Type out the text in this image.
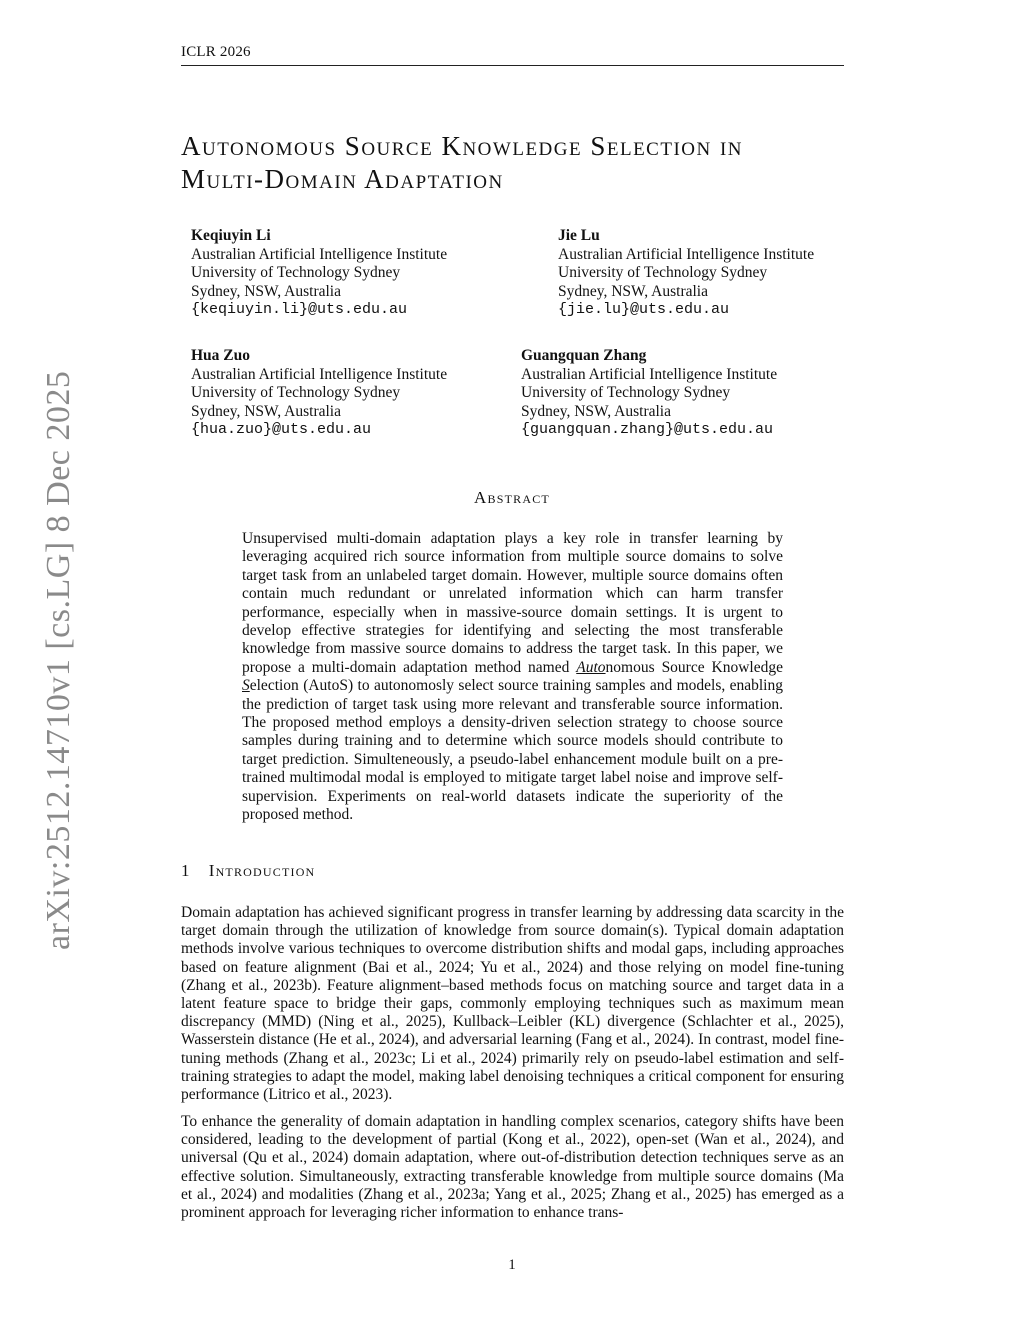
ICLR 2026
arXiv:2512.14710v1 [cs.LG] 8 Dec 2025
Autonomous Source Knowledge Selection in
Multi-Domain Adaptation
Keqiuyin Li
Australian Artificial Intelligence Institute
University of Technology Sydney
Sydney, NSW, Australia
{keqiuyin.li}@uts.edu.au
Jie Lu
Australian Artificial Intelligence Institute
University of Technology Sydney
Sydney, NSW, Australia
{jie.lu}@uts.edu.au
Hua Zuo
Australian Artificial Intelligence Institute
University of Technology Sydney
Sydney, NSW, Australia
{hua.zuo}@uts.edu.au
Guangquan Zhang
Australian Artificial Intelligence Institute
University of Technology Sydney
Sydney, NSW, Australia
{guangquan.zhang}@uts.edu.au
Abstract
Unsupervised multi-domain adaptation plays a key role in transfer learning by leveraging acquired rich source information from multiple source domains to solve target task from an unlabeled target domain. However, multiple source domains often contain much redundant or unrelated information which can harm transfer performance, especially when in massive-source domain settings. It is urgent to develop effective strategies for identifying and selecting the most transferable knowledge from massive source domains to address the target task. In this paper, we propose a multi-domain adaptation method named Autonomous Source Knowledge Selection (AutoS) to autonomosly select source training samples and models, enabling the prediction of target task using more relevant and transferable source information. The proposed method employs a density-driven selection strategy to choose source samples during training and to determine which source models should contribute to target prediction. Simulteneously, a pseudo-label enhancement module built on a pre-trained multimodal modal is employed to mitigate target label noise and improve self-supervision. Experiments on real-world datasets indicate the superiority of the proposed method.
1 Introduction

Domain adaptation has achieved significant progress in transfer learning by addressing data scarcity in the target domain through the utilization of knowledge from source domain(s). Typical domain adaptation methods involve various techniques to overcome distribution shifts and modal gaps, including approaches based on feature alignment (Bai et al., 2024; Yu et al., 2024) and those relying on model fine-tuning (Zhang et al., 2023b). Feature alignment–based methods focus on matching source and target data in a latent feature space to bridge their gaps, commonly employing techniques such as maximum mean discrepancy (MMD) (Ning et al., 2025), Kullback–Leibler (KL) divergence (Schlachter et al., 2025), Wasserstein distance (He et al., 2024), and adversarial learning (Fang et al., 2024). In contrast, model fine-tuning methods (Zhang et al., 2023c; Li et al., 2024) primarily rely on pseudo-label estimation and self-training strategies to adapt the model, making label denoising techniques a critical component for ensuring performance (Litrico et al., 2023).

To enhance the generality of domain adaptation in handling complex scenarios, category shifts have been considered, leading to the development of partial (Kong et al., 2022), open-set (Wan et al., 2024), and universal (Qu et al., 2024) domain adaptation, where out-of-distribution detection techniques serve as an effective solution. Simultaneously, extracting transferable knowledge from multiple source domains (Ma et al., 2024) and modalities (Zhang et al., 2023a; Yang et al., 2025; Zhang et al., 2025) has emerged as a prominent approach for leveraging richer information to enhance trans-

1
